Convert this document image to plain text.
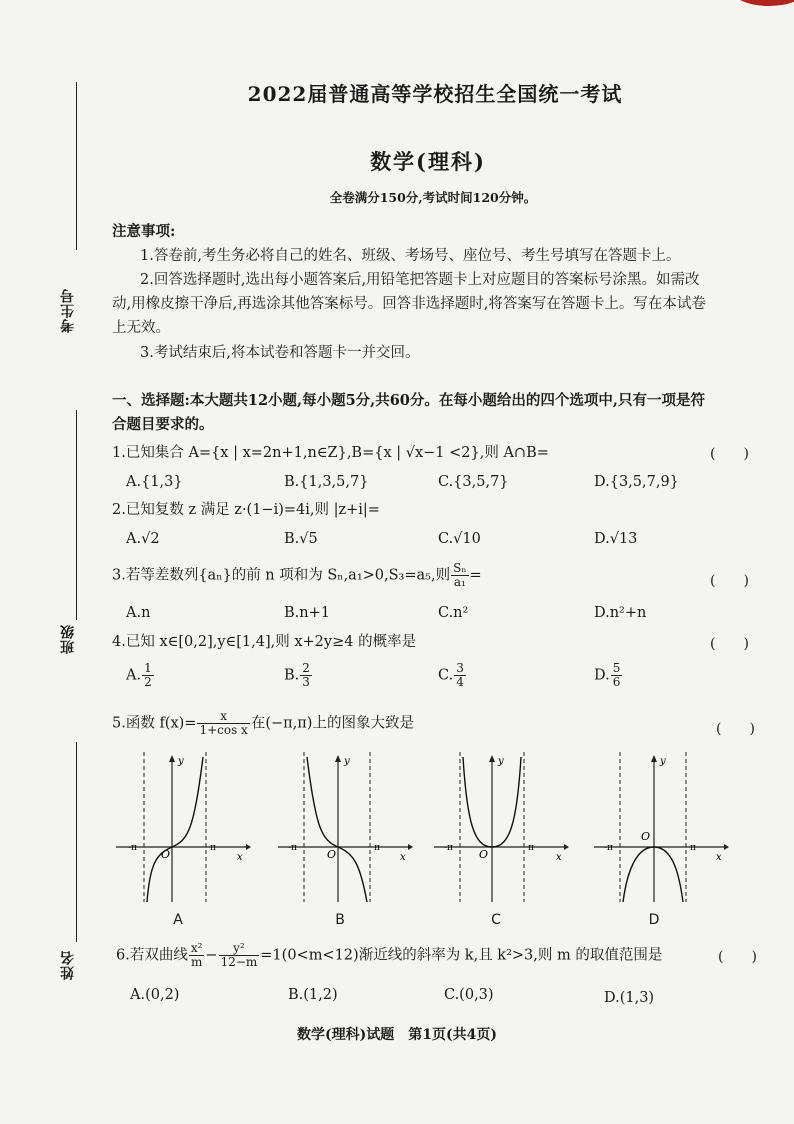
考生号
班级
姓名
2022届普通高等学校招生全国统一考试
数学(理科)
全卷满分150分,考试时间120分钟。
注意事项:
1.答卷前,考生务必将自己的姓名、班级、考场号、座位号、考生号填写在答题卡上。
2.回答选择题时,选出每小题答案后,用铅笔把答题卡上对应题目的答案标号涂黑。如需改
动,用橡皮擦干净后,再选涂其他答案标号。回答非选择题时,将答案写在答题卡上。写在本试卷
上无效。
3.考试结束后,将本试卷和答题卡一并交回。
一、选择题:本大题共12小题,每小题5分,共60分。在每小题给出的四个选项中,只有一项是符
合题目要求的。
1.已知集合 A={x | x=2n+1,n∈Z},B={x | √x−1 <2},则 A∩B=	(　　)
A.{1,3}	B.{1,3,5,7}	C.{3,5,7}	D.{3,5,7,9}
2.已知复数 z 满足 z·(1−i)=4i,则 |z+i|=
A.√2	B.√5	C.√10	D.√13
3.若等差数列{aₙ}的前 n 项和为 Sₙ,a₁>0,S₃=a₅,则 $\frac{\text{Sₙ}}{\text{a₁}}$ =	(　　)
A.n	B.n+1	C.n²	D.n²+n
4.已知 x∈[0,2],y∈[1,4],则 x+2y≥4 的概率是	(　　)
A. $\frac{1}{2}$	B. $\frac{2}{3}$	C. $\frac{3}{4}$	D. $\frac{5}{6}$
5.函数 $f(x)= \frac{x}{\text{1+cos x}}$ 在(−π,π)上的图象大致是	(　　)
y
x
O
-π	π
A
y
x
O
-π	π
B
y
x
O
-π	π
C
y
x
O
-π	π
D
6.若双曲线 $\frac{\text{x²}}{m} - \frac{\text{y²}}{12-m} =1(0<m<12)$渐近线的斜率为 k,且 k²>3,则 m 的取值范围是	(　　)
A.(0,2)	B.(1,2)	C.(0,3)	D.(1,3)
数学(理科)试题　第1页(共4页)
